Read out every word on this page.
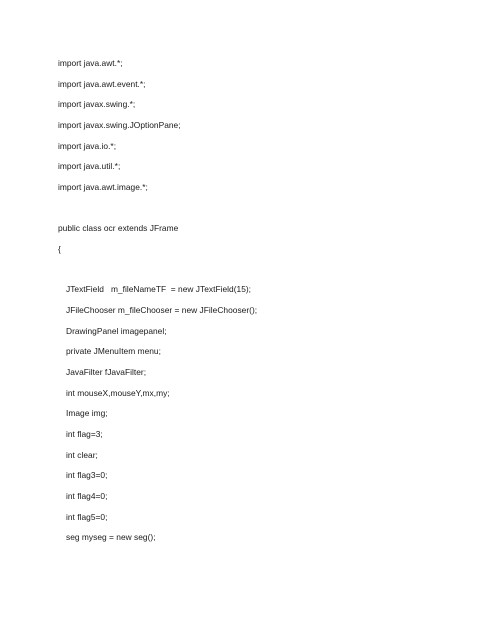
import java.awt.*;
import java.awt.event.*;
import javax.swing.*;
import javax.swing.JOptionPane;
import java.io.*;
import java.util.*;
import java.awt.image.*;
public class ocr extends JFrame
{
JTextField   m_fileNameTF  = new JTextField(15);
JFileChooser m_fileChooser = new JFileChooser();
DrawingPanel imagepanel;
private JMenuItem menu;
JavaFilter fJavaFilter;
int mouseX,mouseY,mx,my;
Image img;
int flag=3;
int clear;
int flag3=0;
int flag4=0;
int flag5=0;
seg myseg = new seg();
